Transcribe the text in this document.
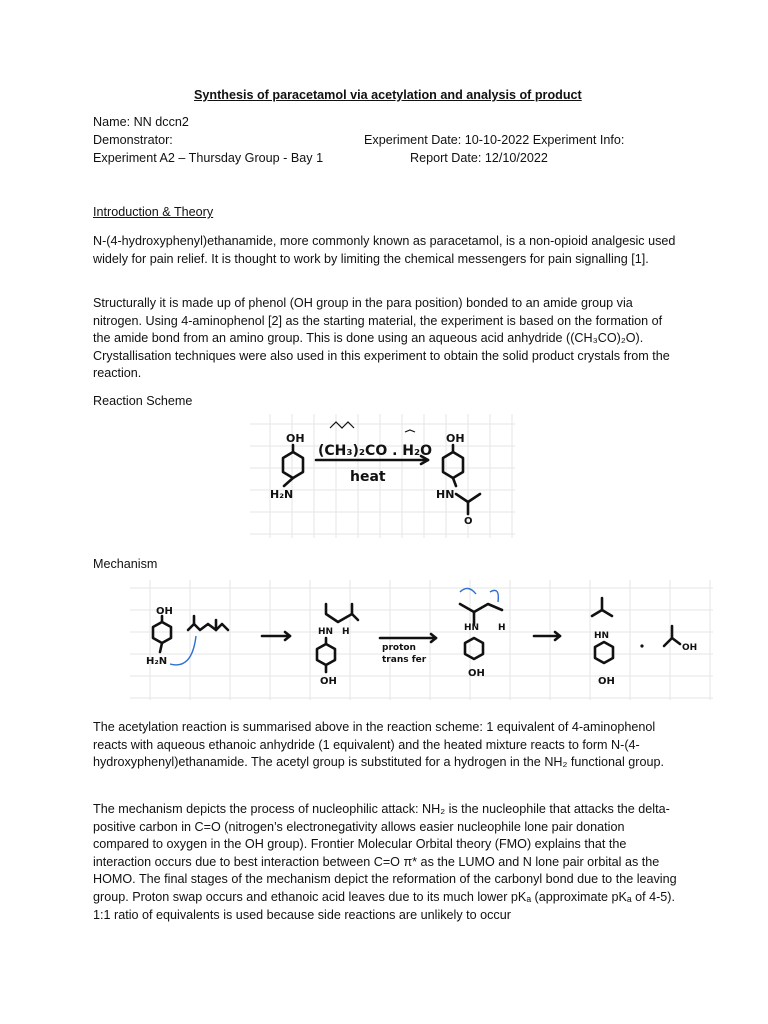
Synthesis of paracetamol via acetylation and analysis of product
Name: NN dccn2
Demonstrator:	Experiment Date: 10-10-2022 Experiment Info:
Experiment A2 – Thursday Group - Bay 1	Report Date: 12/10/2022
Introduction & Theory
N-(4-hydroxyphenyl)ethanamide, more commonly known as paracetamol, is a non-opioid analgesic used widely for pain relief. It is thought to work by limiting the chemical messengers for pain signalling [1].
Structurally it is made up of phenol (OH group in the para position) bonded to an amide group via nitrogen. Using 4-aminophenol [2] as the starting material, the experiment is based on the formation of the amide bond from an amino group. This is done using an aqueous acid anhydride ((CH₃CO)₂O). Crystallisation techniques were also used in this experiment to obtain the solid product crystals from the reaction.
Reaction Scheme
OH
H₂N
(CH₃)₂CO . H₂O
heat
OH
HN
O
Mechanism
OH
H₂N
HN H
OH
proton
trans fer
HN H
OH
HN
OH
OH
The acetylation reaction is summarised above in the reaction scheme: 1 equivalent of 4-aminophenol reacts with aqueous ethanoic anhydride (1 equivalent) and the heated mixture reacts to form N-(4-hydroxyphenyl)ethanamide. The acetyl group is substituted for a hydrogen in the NH₂ functional group.
The mechanism depicts the process of nucleophilic attack: NH₂ is the nucleophile that attacks the delta-positive carbon in C=O (nitrogen’s electronegativity allows easier nucleophile lone pair donation compared to oxygen in the OH group). Frontier Molecular Orbital theory (FMO) explains that the interaction occurs due to best interaction between C=O π* as the LUMO and N lone pair orbital as the HOMO. The final stages of the mechanism depict the reformation of the carbonyl bond due to the leaving group. Proton swap occurs and ethanoic acid leaves due to its much lower pKₐ (approximate pKₐ of 4-5). 1:1 ratio of equivalents is used because side reactions are unlikely to occur
